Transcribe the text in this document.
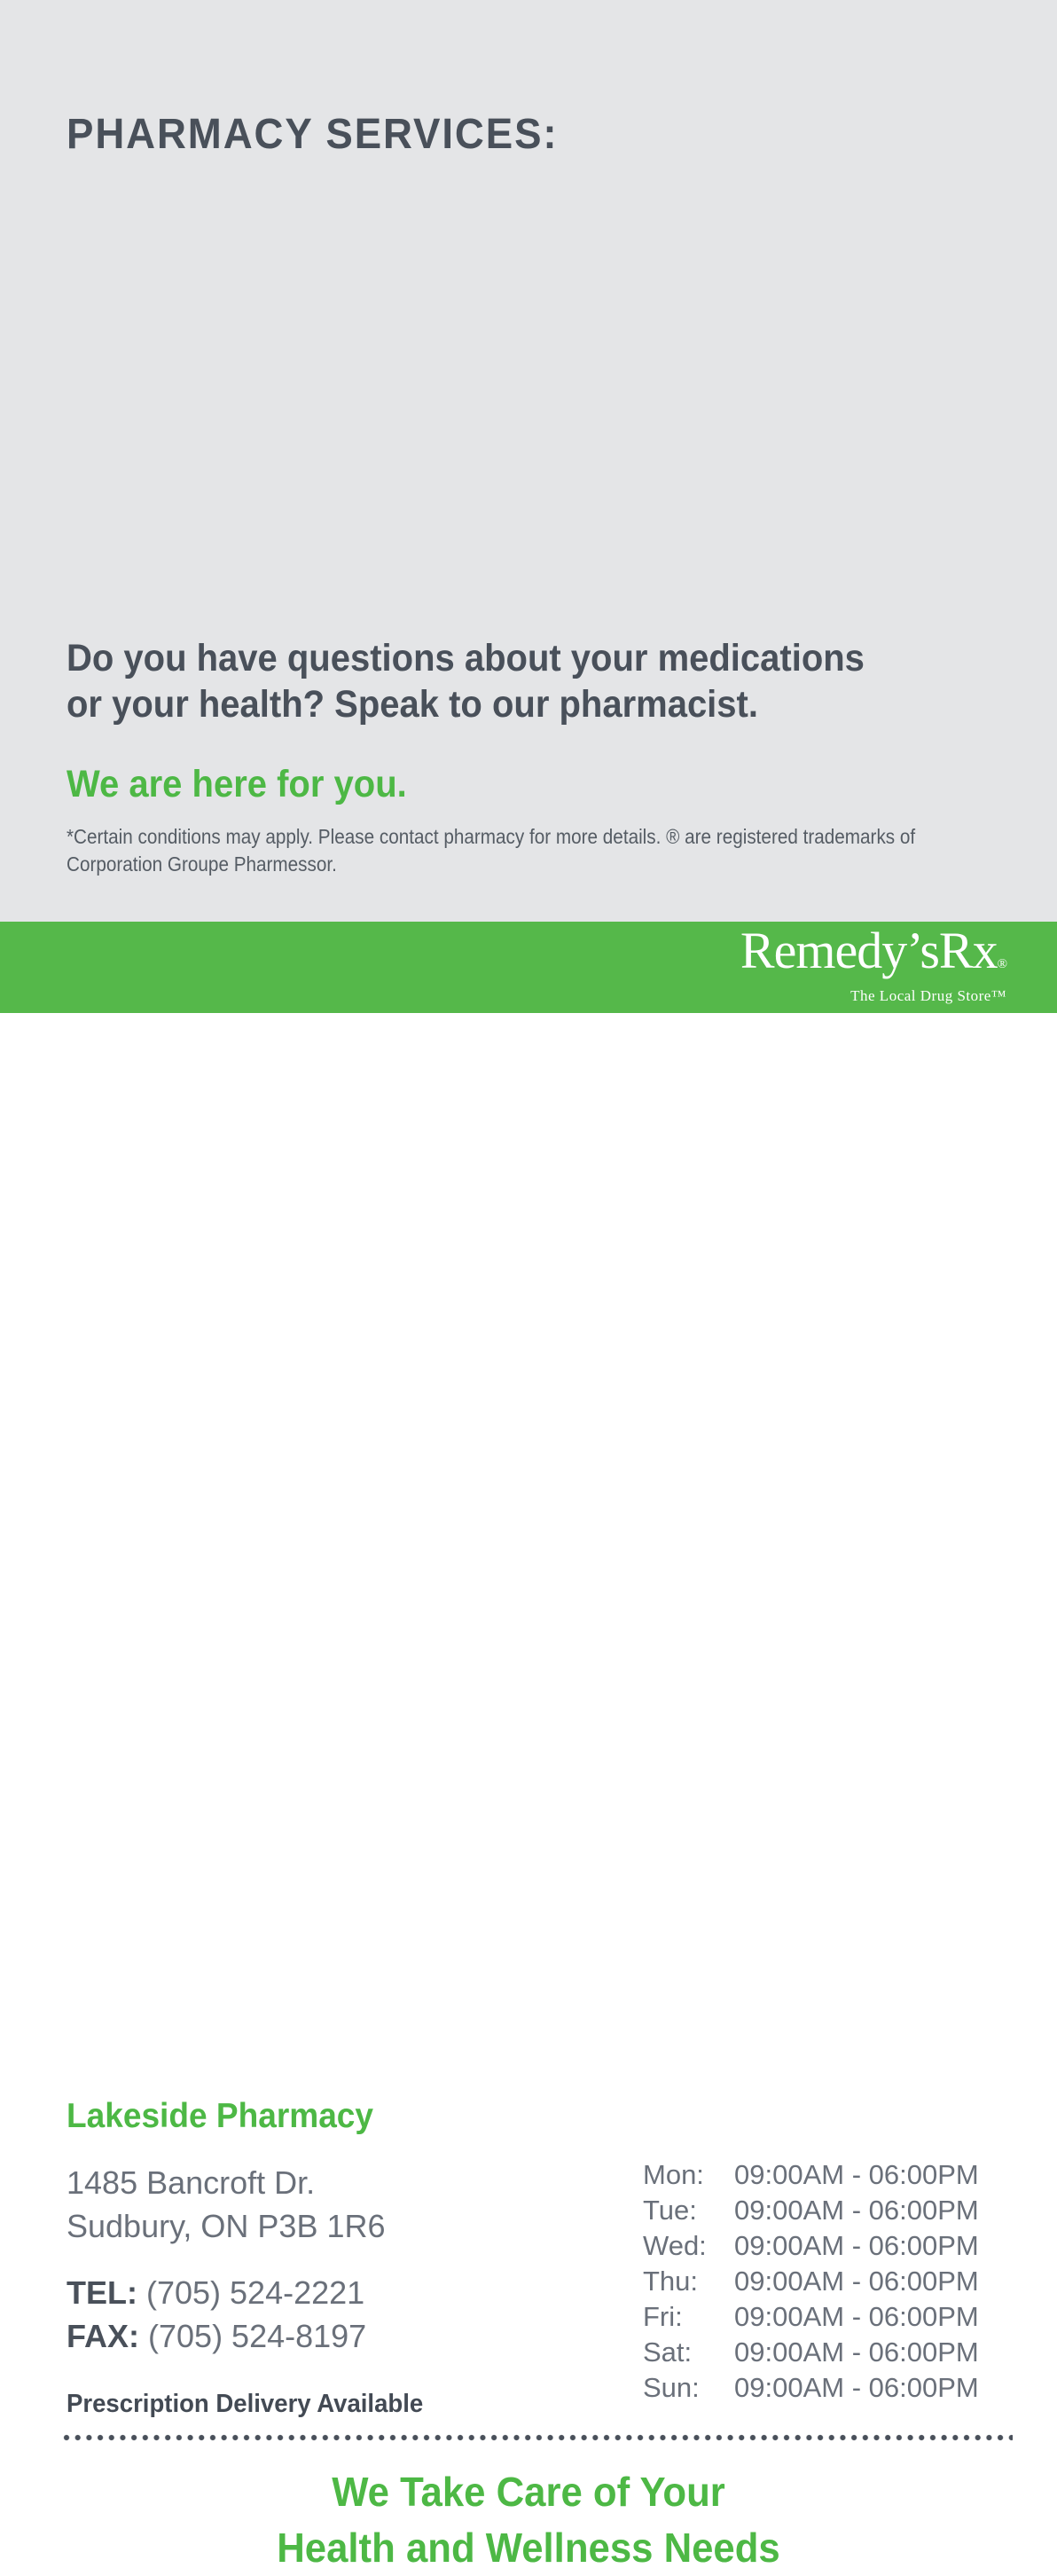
PHARMACY SERVICES:
Do you have questions about your medications
or your health? Speak to our pharmacist.
We are here for you.
*Certain conditions may apply. Please contact pharmacy for more details. ® are registered trademarks of
Corporation Groupe Pharmessor.
Remedy’sRx®
The Local Drug Store™
Lakeside Pharmacy
1485 Bancroft Dr.
Sudbury, ON P3B 1R6
TEL: (705) 524-2221
FAX: (705) 524-8197
Prescription Delivery Available
Mon: 09:00AM - 06:00PM
Tue: 09:00AM - 06:00PM
Wed: 09:00AM - 06:00PM
Thu: 09:00AM - 06:00PM
Fri: 09:00AM - 06:00PM
Sat: 09:00AM - 06:00PM
Sun: 09:00AM - 06:00PM
We Take Care of Your
Health and Wellness Needs
